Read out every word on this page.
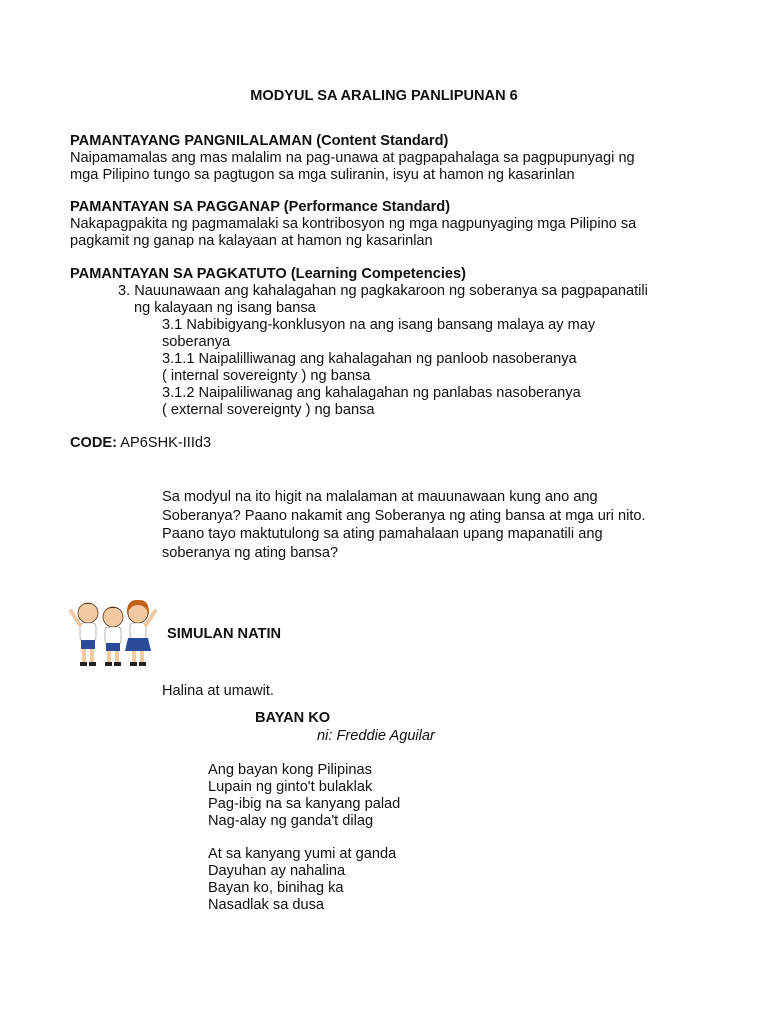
MODYUL SA ARALING PANLIPUNAN 6
PAMANTAYANG PANGNILALAMAN (Content Standard)
Naipamamalas ang mas malalim na pag-unawa at pagpapahalaga sa pagpupunyagi ng
mga Pilipino tungo sa pagtugon sa mga suliranin, isyu at hamon ng kasarinlan
PAMANTAYAN SA PAGGANAP (Performance Standard)
Nakapagpakita ng pagmamalaki sa kontribosyon ng mga nagpunyaging mga Pilipino sa
pagkamit ng ganap na kalayaan at hamon ng kasarinlan
PAMANTAYAN SA PAGKATUTO (Learning Competencies)
3. Nauunawaan ang kahalagahan ng pagkakaroon ng soberanya sa pagpapanatili
ng kalayaan ng isang bansa
3.1 Nabibigyang-konklusyon na ang isang bansang malaya ay may
soberanya
3.1.1 Naipalilliwanag ang kahalagahan ng panloob nasoberanya
( internal sovereignty ) ng bansa
3.1.2 Naipaliliwanag ang kahalagahan ng panlabas nasoberanya
( external sovereignty ) ng bansa
CODE: AP6SHK-IIId3
Sa modyul na ito higit na malalaman at mauunawaan kung ano ang
Soberanya? Paano nakamit ang Soberanya ng ating bansa at mga uri nito.
Paano tayo maktutulong sa ating pamahalaan upang mapanatili ang
soberanya ng ating bansa?
SIMULAN NATIN
Halina at umawit.
BAYAN KO
ni: Freddie Aguilar
Ang bayan kong Pilipinas
Lupain ng ginto't bulaklak
Pag-ibig na sa kanyang palad
Nag-alay ng ganda't dilag
At sa kanyang yumi at ganda
Dayuhan ay nahalina
Bayan ko, binihag ka
Nasadlak sa dusa
